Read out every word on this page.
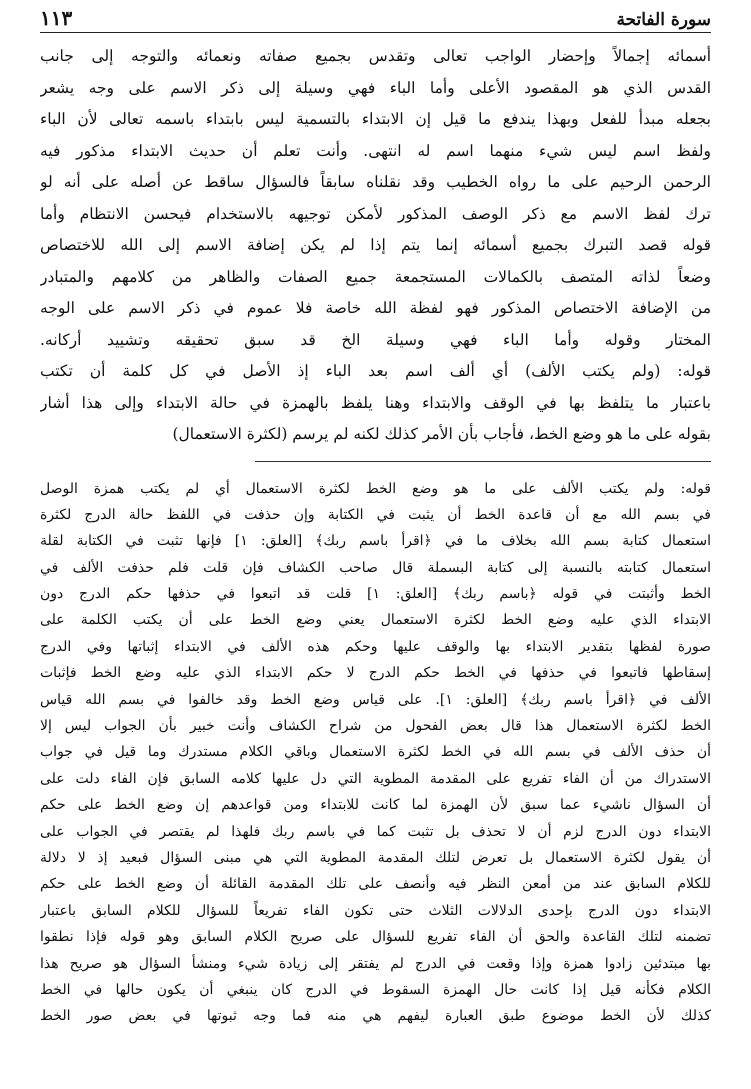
سورة الفاتحة
١١٣
أسمائه إجمالاً وإحضار الواجب تعالى وتقدس بجميع صفاته ونعمائه والتوجه إلى جانب
القدس الذي هو المقصود الأعلى وأما الباء فهي وسيلة إلى ذكر الاسم على وجه يشعر
بجعله مبدأ للفعل وبهذا يندفع ما قيل إن الابتداء بالتسمية ليس بابتداء باسمه تعالى لأن الباء
ولفظ اسم ليس شيء منهما اسم له انتهى. وأنت تعلم أن حديث الابتداء مذكور فيه
الرحمن الرحيم على ما رواه الخطيب وقد نقلناه سابقاً فالسؤال ساقط عن أصله على أنه لو
ترك لفظ الاسم مع ذكر الوصف المذكور لأمكن توجيهه بالاستخدام فيحسن الانتظام وأما
قوله قصد التبرك بجميع أسمائه إنما يتم إذا لم يكن إضافة الاسم إلى الله للاختصاص
وضعاً لذاته المتصف بالكمالات المستجمعة جميع الصفات والظاهر من كلامهم والمتبادر
من الإضافة الاختصاص المذكور فهو لفظة الله خاصة فلا عموم في ذكر الاسم على الوجه
المختار وقوله وأما الباء فهي وسيلة الخ قد سبق تحقيقه وتشييد أركانه.
قوله: (ولم يكتب الألف) أي ألف اسم بعد الباء إذ الأصل في كل كلمة أن تكتب
باعتبار ما يتلفظ بها في الوقف والابتداء وهنا يلفظ بالهمزة في حالة الابتداء وإلى هذا أشار
بقوله على ما هو وضع الخط، فأجاب بأن الأمر كذلك لكنه لم يرسم (لكثرة الاستعمال)
قوله: ولم يكتب الألف على ما هو وضع الخط لكثرة الاستعمال أي لم يكتب همزة الوصل
في بسم الله مع أن قاعدة الخط أن يثبت في الكتابة وإن حذفت في اللفظ حالة الدرج لكثرة
استعمال كتابة بسم الله بخلاف ما في ﴿اقرأ باسم ربك﴾ [العلق: ١] فإنها تثبت في الكتابة لقلة
استعمال كتابته بالنسبة إلى كتابة البسملة قال صاحب الكشاف فإن قلت فلم حذفت الألف في
الخط وأثبتت في قوله ﴿باسم ربك﴾ [العلق: ١] قلت قد اتبعوا في حذفها حكم الدرج دون
الابتداء الذي عليه وضع الخط لكثرة الاستعمال يعني وضع الخط على أن يكتب الكلمة على
صورة لفظها بتقدير الابتداء بها والوقف عليها وحكم هذه الألف في الابتداء إثباتها وفي الدرج
إسقاطها فاتبعوا في حذفها في الخط حكم الدرج لا حكم الابتداء الذي عليه وضع الخط فإثبات
الألف في ﴿اقرأ باسم ربك﴾ [العلق: ١]. على قياس وضع الخط وقد خالفوا في بسم الله قياس
الخط لكثرة الاستعمال هذا قال بعض الفحول من شراح الكشاف وأنت خبير بأن الجواب ليس إلا
أن حذف الألف في بسم الله في الخط لكثرة الاستعمال وباقي الكلام مستدرك وما قيل في جواب
الاستدراك من أن الفاء تفريع على المقدمة المطوية التي دل عليها كلامه السابق فإن الفاء دلت على
أن السؤال ناشيء عما سبق لأن الهمزة لما كانت للابتداء ومن قواعدهم إن وضع الخط على حكم
الابتداء دون الدرج لزم أن لا تحذف بل تثبت كما في باسم ربك فلهذا لم يقتصر في الجواب على
أن يقول لكثرة الاستعمال بل تعرض لتلك المقدمة المطوية التي هي مبنى السؤال فبعيد إذ لا دلالة
للكلام السابق عند من أمعن النظر فيه وأنصف على تلك المقدمة القائلة أن وضع الخط على حكم
الابتداء دون الدرج بإحدى الدلالات الثلاث حتى تكون الفاء تفريعاً للسؤال للكلام السابق باعتبار
تضمنه لتلك القاعدة والحق أن الفاء تفريع للسؤال على صريح الكلام السابق وهو قوله فإذا نطقوا
بها مبتدئين زادوا همزة وإذا وقعت في الدرج لم يفتقر إلى زيادة شيء ومنشأ السؤال هو صريح هذا
الكلام فكأنه قيل إذا كانت حال الهمزة السقوط في الدرج كان ينبغي أن يكون حالها في الخط
كذلك لأن الخط موضوع طبق العبارة ليفهم هي منه فما وجه ثبوتها في بعض صور الخط
